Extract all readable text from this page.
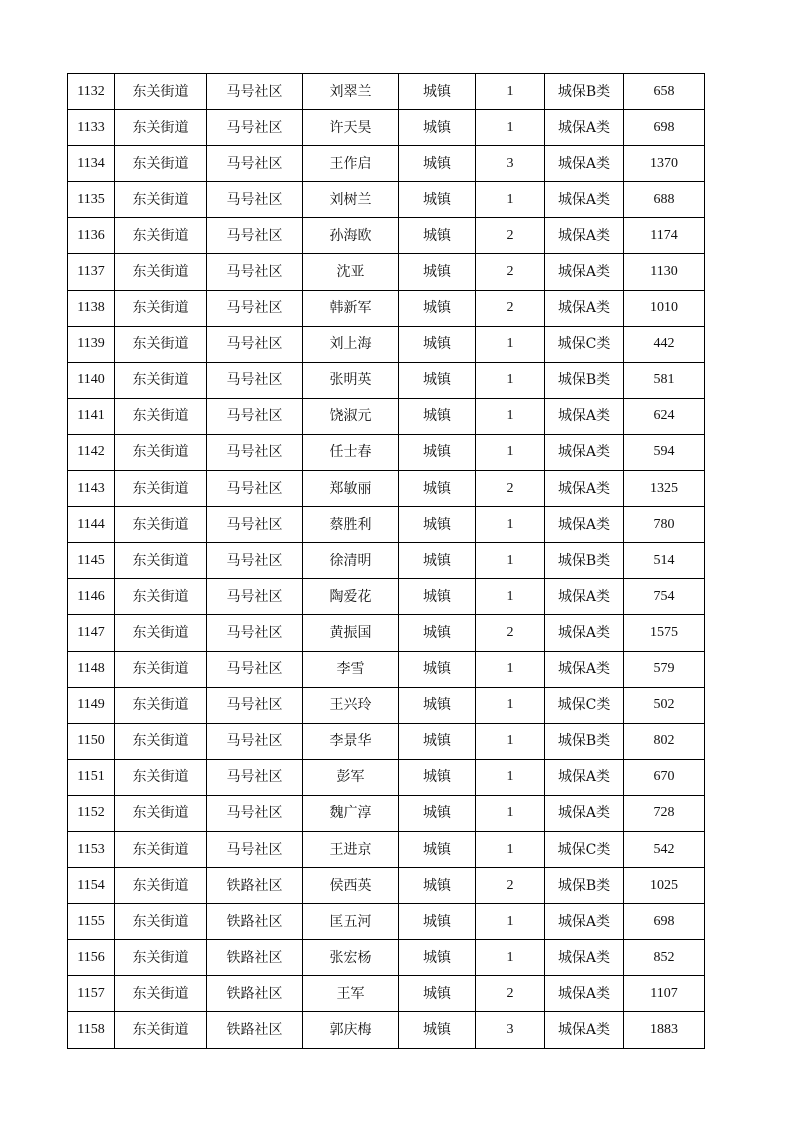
1132	东关街道	马号社区	刘翠兰	城镇	1	城保B类	658
1133	东关街道	马号社区	许天昊	城镇	1	城保A类	698
1134	东关街道	马号社区	王作启	城镇	3	城保A类	1370
1135	东关街道	马号社区	刘树兰	城镇	1	城保A类	688
1136	东关街道	马号社区	孙海欧	城镇	2	城保A类	1174
1137	东关街道	马号社区	沈亚	城镇	2	城保A类	1130
1138	东关街道	马号社区	韩新军	城镇	2	城保A类	1010
1139	东关街道	马号社区	刘上海	城镇	1	城保C类	442
1140	东关街道	马号社区	张明英	城镇	1	城保B类	581
1141	东关街道	马号社区	饶淑元	城镇	1	城保A类	624
1142	东关街道	马号社区	任士春	城镇	1	城保A类	594
1143	东关街道	马号社区	郑敏丽	城镇	2	城保A类	1325
1144	东关街道	马号社区	蔡胜利	城镇	1	城保A类	780
1145	东关街道	马号社区	徐清明	城镇	1	城保B类	514
1146	东关街道	马号社区	陶爱花	城镇	1	城保A类	754
1147	东关街道	马号社区	黄振国	城镇	2	城保A类	1575
1148	东关街道	马号社区	李雪	城镇	1	城保A类	579
1149	东关街道	马号社区	王兴玲	城镇	1	城保C类	502
1150	东关街道	马号社区	李景华	城镇	1	城保B类	802
1151	东关街道	马号社区	彭军	城镇	1	城保A类	670
1152	东关街道	马号社区	魏广淳	城镇	1	城保A类	728
1153	东关街道	马号社区	王进京	城镇	1	城保C类	542
1154	东关街道	铁路社区	侯西英	城镇	2	城保B类	1025
1155	东关街道	铁路社区	匡五河	城镇	1	城保A类	698
1156	东关街道	铁路社区	张宏杨	城镇	1	城保A类	852
1157	东关街道	铁路社区	王军	城镇	2	城保A类	1107
1158	东关街道	铁路社区	郭庆梅	城镇	3	城保A类	1883
